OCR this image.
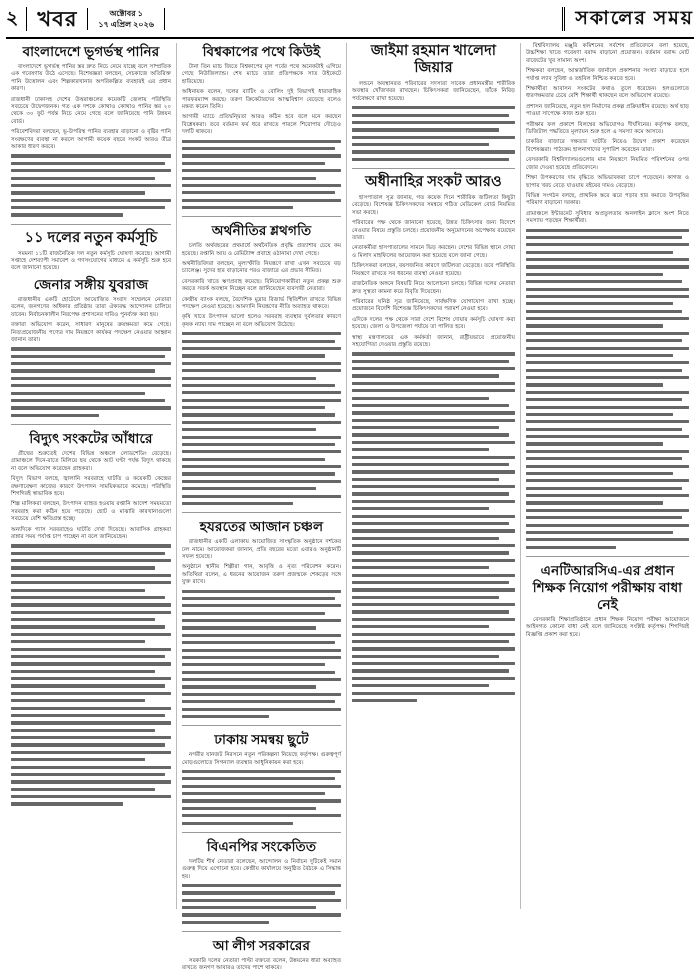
২ খবর	অক্টোবর ১
১৭ এপ্রিল ২০২৬	সকালের সময়
বাংলাদেশে ভূগর্ভস্থ পানির

বাংলাদেশে ভূগর্ভস্থ পানির স্তর দ্রুত নিচে নেমে যাচ্ছে বলে সাম্প্রতিক এক গবেষণায় উঠে এসেছে। বিশেষজ্ঞরা বলছেন, সেচকাজে অতিরিক্ত পানি উত্তোলন এবং শিল্পকারখানার অপরিকল্পিত ব্যবহারই এর প্রধান কারণ।

রাজধানী ঢাকাসহ দেশের উত্তরাঞ্চলের কয়েকটি জেলায় পরিস্থিতি সবচেয়ে উদ্বেগজনক। গত এক দশকে কোথাও কোথাও পানির স্তর ২০ থেকে ৩০ ফুট পর্যন্ত নিচে নেমে গেছে বলে জানিয়েছে পানি উন্নয়ন বোর্ড।

পরিবেশবিদরা বলছেন, ভূ-উপরিস্থ পানির ব্যবহার বাড়ানো ও বৃষ্টির পানি সংরক্ষণের ব্যবস্থা না করলে আগামী কয়েক বছরে সংকট আরও তীব্র আকার ধারণ করবে।

১১ দলের নতুন কর্মসূচি

সমমনা ১১টি রাজনৈতিক দল নতুন কর্মসূচি ঘোষণা করেছে। আগামী সপ্তাহে দেশব্যাপী সমাবেশ ও গণসংযোগের মাধ্যমে এ কর্মসূচি শুরু হবে বলে জানানো হয়েছে।

জেনার সঙ্গীয় যুবরাজ

রাজধানীর একটি হোটেলে আয়োজিত সংবাদ সম্মেলনে নেতারা বলেন, জনগণের অধিকার প্রতিষ্ঠায় তারা ঐক্যবদ্ধ আন্দোলন চালিয়ে যাবেন। নির্বাচনকালীন নিরপেক্ষ প্রশাসনের দাবিও পুনর্ব্যক্ত করা হয়।

বক্তারা অভিযোগ করেন, সাধারণ মানুষের ক্রয়ক্ষমতা কমে গেছে। নিত্যপ্রয়োজনীয় পণ্যের দাম নিয়ন্ত্রণে কার্যকর পদক্ষেপ নেওয়ার আহ্বান জানান তারা।

বিদ্যুৎ সংকটের আঁধারে

গ্রীষ্মের শুরুতেই দেশের বিভিন্ন অঞ্চলে লোডশেডিং বেড়েছে। গ্রামাঞ্চলে দিনে-রাতে মিলিয়ে ছয় থেকে আট ঘণ্টা পর্যন্ত বিদ্যুৎ থাকছে না বলে অভিযোগ করেছেন গ্রাহকরা।

বিদ্যুৎ বিভাগ বলছে, জ্বালানি সরবরাহে ঘাটতি ও কয়েকটি কেন্দ্রের রক্ষণাবেক্ষণ কাজের কারণে উৎপাদন সাময়িকভাবে কমেছে। পরিস্থিতি শিগগিরই স্বাভাবিক হবে।

শিল্প মালিকরা বলছেন, উৎপাদন ব্যাহত হওয়ায় রপ্তানি আদেশ সময়মতো সরবরাহ করা কঠিন হয়ে পড়েছে। ছোট ও মাঝারি কারখানাগুলো সবচেয়ে বেশি ক্ষতিগ্রস্ত হচ্ছে।

অন্যদিকে গ্যাস সরবরাহেও ঘাটতি দেখা দিয়েছে। আবাসিক গ্রাহকরা রান্নার সময় পর্যাপ্ত চাপ পাচ্ছেন না বলে জানিয়েছেন।

বিশ্বকাপের পথে কিউই

টানা তিন ম্যাচ জিতে বিশ্বকাপের মূল পর্বের পথে অনেকটাই এগিয়ে গেছে নিউজিল্যান্ড। শেষ ম্যাচে তারা প্রতিপক্ষকে সাত উইকেটে হারিয়েছে।

অধিনায়ক বলেন, দলের ব্যাটিং ও বোলিং দুই বিভাগই ধারাবাহিক পারফরম্যান্স করছে। তরুণ ক্রিকেটারদের আত্মবিশ্বাস বেড়েছে বলেও মন্তব্য করেন তিনি।

আগামী ম্যাচে প্রতিদ্বন্দ্বিতা আরও কঠিন হবে বলে মনে করছেন বিশ্লেষকরা। তবে বর্তমান ফর্ম ধরে রাখতে পারলে শিরোপার দৌড়েও দলটি থাকবে।

অর্থনীতির শ্লথগতি

চলতি অর্থবছরের প্রথমার্ধে অর্থনৈতিক প্রবৃদ্ধি প্রত্যাশার চেয়ে কম হয়েছে। রপ্তানি আয় ও রেমিট্যান্স প্রবাহে ওঠানামা দেখা গেছে।

অর্থনীতিবিদরা বলছেন, মূল্যস্ফীতি নিয়ন্ত্রণে রাখা এখন সবচেয়ে বড় চ্যালেঞ্জ। সুদের হার বাড়ানোর পরও বাজারে এর প্রভাব সীমিত।

বেসরকারি খাতে ঋণপ্রবাহ কমেছে। বিনিয়োগকারীরা নতুন প্রকল্প শুরু করতে সতর্ক অবস্থান নিচ্ছেন বলে জানিয়েছেন ব্যবসায়ী নেতারা।

কেন্দ্রীয় ব্যাংক বলছে, বৈদেশিক মুদ্রার রিজার্ভ স্থিতিশীল রাখতে বিভিন্ন পদক্ষেপ নেওয়া হয়েছে। আমদানি নিয়ন্ত্রণের নীতি অব্যাহত থাকবে।

কৃষি খাতে উৎপাদন ভালো হলেও সরবরাহ ব্যবস্থার দুর্বলতার কারণে কৃষক ন্যায্য দাম পাচ্ছেন না বলে অভিযোগ উঠেছে।

হযরতের আজান চঞ্চল

রাজধানীর একটি এলাকায় আয়োজিত সাংস্কৃতিক অনুষ্ঠানে দর্শকের ঢল নামে। আয়োজকরা জানান, প্রতি বছরের মতো এবারও অনুষ্ঠানটি সফল হয়েছে।

অনুষ্ঠানে স্থানীয় শিল্পীরা গান, আবৃত্তি ও নৃত্য পরিবেশন করেন। অতিথিরা বলেন, এ ধরনের আয়োজন তরুণ প্রজন্মকে শেকড়ের সঙ্গে যুক্ত রাখে।

ঢাকায় সমন্বয় ছুটে

নগরীর যানজট নিরসনে নতুন পরিকল্পনা নিয়েছে কর্তৃপক্ষ। গুরুত্বপূর্ণ মোড়গুলোতে সিগন্যাল ব্যবস্থার আধুনিকায়ন করা হবে।

বিএনপির সংকেতিত

দলটির শীর্ষ নেতারা বলেছেন, আন্দোলন ও নির্বাচন দুটিকেই সমান গুরুত্ব দিয়ে এগোনো হবে। কেন্দ্রীয় কার্যালয়ে অনুষ্ঠিত বৈঠকে এ সিদ্ধান্ত হয়।

আ লীগ সরকারের

সরকারি দলের নেতারা পাল্টা বক্তব্যে বলেন, উন্নয়নের ধারা অব্যাহত রাখতে জনগণ আবারও তাদের পাশে থাকবে।

জাইমা রহমান খালেদা জিয়ার

লন্ডনে অবস্থানরত পরিবারের সদস্যরা সাবেক প্রধানমন্ত্রীর শারীরিক অবস্থার খোঁজখবর রাখছেন। চিকিৎসকরা জানিয়েছেন, তাঁকে নিবিড় পর্যবেক্ষণে রাখা হয়েছে।

অধীনাহির সংকট আরও

হাসপাতাল সূত্র জানায়, গত কয়েক দিনে শারীরিক জটিলতা কিছুটা বেড়েছে। বিশেষজ্ঞ চিকিৎসকদের সমন্বয়ে গঠিত মেডিকেল বোর্ড নিয়মিত সভা করছে।

পরিবারের পক্ষ থেকে জানানো হয়েছে, উন্নত চিকিৎসার জন্য বিদেশে নেওয়ার বিষয়ে প্রস্তুতি চলছে। প্রয়োজনীয় অনুমোদনের অপেক্ষায় রয়েছেন তারা।

নেতাকর্মীরা হাসপাতালের সামনে ভিড় করছেন। দেশের বিভিন্ন স্থানে দোয়া ও মিলাদ মাহফিলের আয়োজন করা হয়েছে বলে জানা গেছে।

চিকিৎসকরা বলছেন, বয়সজনিত কারণে জটিলতা বেড়েছে। তবে পরিস্থিতি নিয়ন্ত্রণে রাখতে সব ধরনের ব্যবস্থা নেওয়া হয়েছে।

রাজনৈতিক অঙ্গনে বিষয়টি নিয়ে আলোচনা চলছে। বিভিন্ন দলের নেতারা দ্রুত সুস্থতা কামনা করে বিবৃতি দিয়েছেন।

পরিবারের ঘনিষ্ঠ সূত্র জানিয়েছে, সার্বক্ষণিক যোগাযোগ রাখা হচ্ছে। প্রয়োজনে বিদেশি বিশেষজ্ঞ চিকিৎসকদের পরামর্শ নেওয়া হবে।

এদিকে দলের পক্ষ থেকে সারা দেশে বিশেষ দোয়ার কর্মসূচি ঘোষণা করা হয়েছে। জেলা ও উপজেলা পর্যায়ে তা পালিত হবে।

স্বাস্থ্য মন্ত্রণালয়ের এক কর্মকর্তা জানান, রাষ্ট্রীয়ভাবে প্রয়োজনীয় সহযোগিতা দেওয়ার প্রস্তুতি রয়েছে।

বিশ্ববিদ্যালয় মঞ্জুরি কমিশনের সর্বশেষ প্রতিবেদনে বলা হয়েছে, উচ্চশিক্ষা খাতে গবেষণা বরাদ্দ বাড়ানো প্রয়োজন। বর্তমান বরাদ্দ মোট বাজেটের খুব সামান্য অংশ।

শিক্ষকরা বলছেন, আন্তর্জাতিক জার্নালে প্রকাশনার সংখ্যা বাড়াতে হলে পর্যাপ্ত ল্যাব সুবিধা ও তহবিল নিশ্চিত করতে হবে।

শিক্ষার্থীরা আবাসন সংকটের কথাও তুলে ধরেছেন। হলগুলোতে ধারণক্ষমতার চেয়ে বেশি শিক্ষার্থী থাকছেন বলে অভিযোগ রয়েছে।

প্রশাসন জানিয়েছে, নতুন হল নির্মাণের প্রকল্প প্রক্রিয়াধীন রয়েছে। অর্থ ছাড় পাওয়া সাপেক্ষে কাজ শুরু হবে।

পরীক্ষার ফল প্রকাশে বিলম্বের অভিযোগও দীর্ঘদিনের। কর্তৃপক্ষ বলছে, ডিজিটাল পদ্ধতিতে মূল্যায়ন শুরু হলে এ সমস্যা কমে আসবে।

চাকরির বাজারে দক্ষতার ঘাটতি নিয়েও উদ্বেগ প্রকাশ করেছেন বিশেষজ্ঞরা। পাঠ্যক্রম হালনাগাদের সুপারিশ করেছেন তারা।

বেসরকারি বিশ্ববিদ্যালয়গুলোর মান নিয়ন্ত্রণে নিয়মিত পরিদর্শনের ওপর জোর দেওয়া হয়েছে প্রতিবেদনে।

শিক্ষা উপকরণের দাম বৃদ্ধিতে অভিভাবকরা চাপে পড়েছেন। কাগজ ও ছাপার খরচ বেড়ে যাওয়ায় বইয়ের দামও বেড়েছে।

বিভিন্ন সংগঠন বলছে, প্রাথমিক স্তরে ঝরে পড়ার হার কমাতে উপবৃত্তির পরিমাণ বাড়ানো দরকার।

গ্রামাঞ্চলে ইন্টারনেট সুবিধার অপ্রতুলতায় অনলাইন ক্লাসে অংশ নিতে সমস্যায় পড়ছেন শিক্ষার্থীরা।

এনটিআরসিএ-এর প্রধান শিক্ষক নিয়োগ পরীক্ষায় বাধা নেই

বেসরকারি শিক্ষাপ্রতিষ্ঠানে প্রধান শিক্ষক নিয়োগ পরীক্ষা আয়োজনে আইনগত কোনো বাধা নেই বলে জানিয়েছে সংশ্লিষ্ট কর্তৃপক্ষ। শিগগিরই বিজ্ঞপ্তি প্রকাশ করা হবে।
